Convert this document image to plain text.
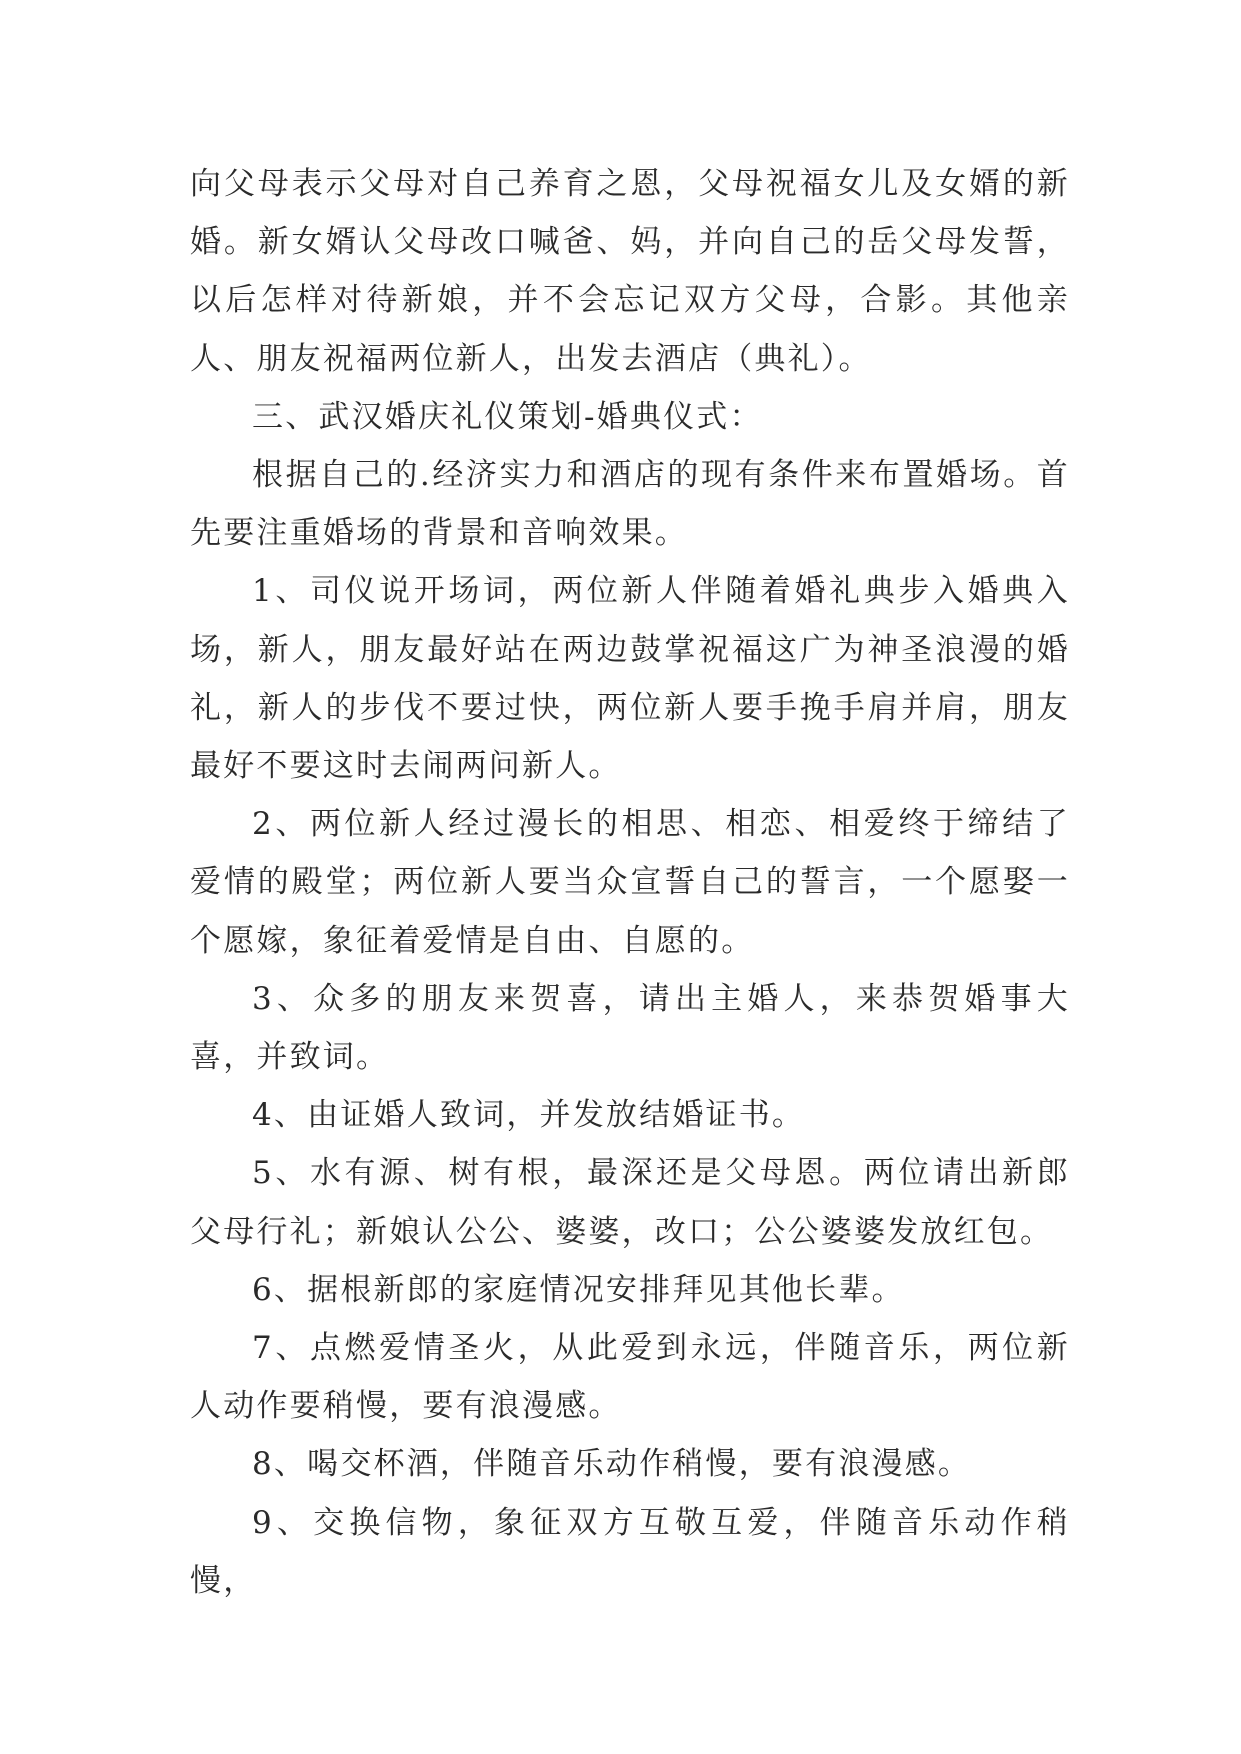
向父母表示父母对自己养育之恩，父母祝福女儿及女婿的新婚。新女婿认父母改口喊爸、妈，并向自己的岳父母发誓，以后怎样对待新娘，并不会忘记双方父母，合影。其他亲人、朋友祝福两位新人，出发去酒店（典礼）。

三、武汉婚庆礼仪策划-婚典仪式：

根据自己的.经济实力和酒店的现有条件来布置婚场。首先要注重婚场的背景和音响效果。

1、司仪说开场词，两位新人伴随着婚礼典步入婚典入场，新人，朋友最好站在两边鼓掌祝福这广为神圣浪漫的婚礼，新人的步伐不要过快，两位新人要手挽手肩并肩，朋友最好不要这时去闹两问新人。

2、两位新人经过漫长的相思、相恋、相爱终于缔结了爱情的殿堂；两位新人要当众宣誓自己的誓言，一个愿娶一个愿嫁，象征着爱情是自由、自愿的。

3、众多的朋友来贺喜，请出主婚人，来恭贺婚事大喜，并致词。

4、由证婚人致词，并发放结婚证书。

5、水有源、树有根，最深还是父母恩。两位请出新郎父母行礼；新娘认公公、婆婆，改口；公公婆婆发放红包。

6、据根新郎的家庭情况安排拜见其他长辈。

7、点燃爱情圣火，从此爱到永远，伴随音乐，两位新人动作要稍慢，要有浪漫感。

8、喝交杯酒，伴随音乐动作稍慢，要有浪漫感。

9、交换信物，象征双方互敬互爱，伴随音乐动作稍慢，
